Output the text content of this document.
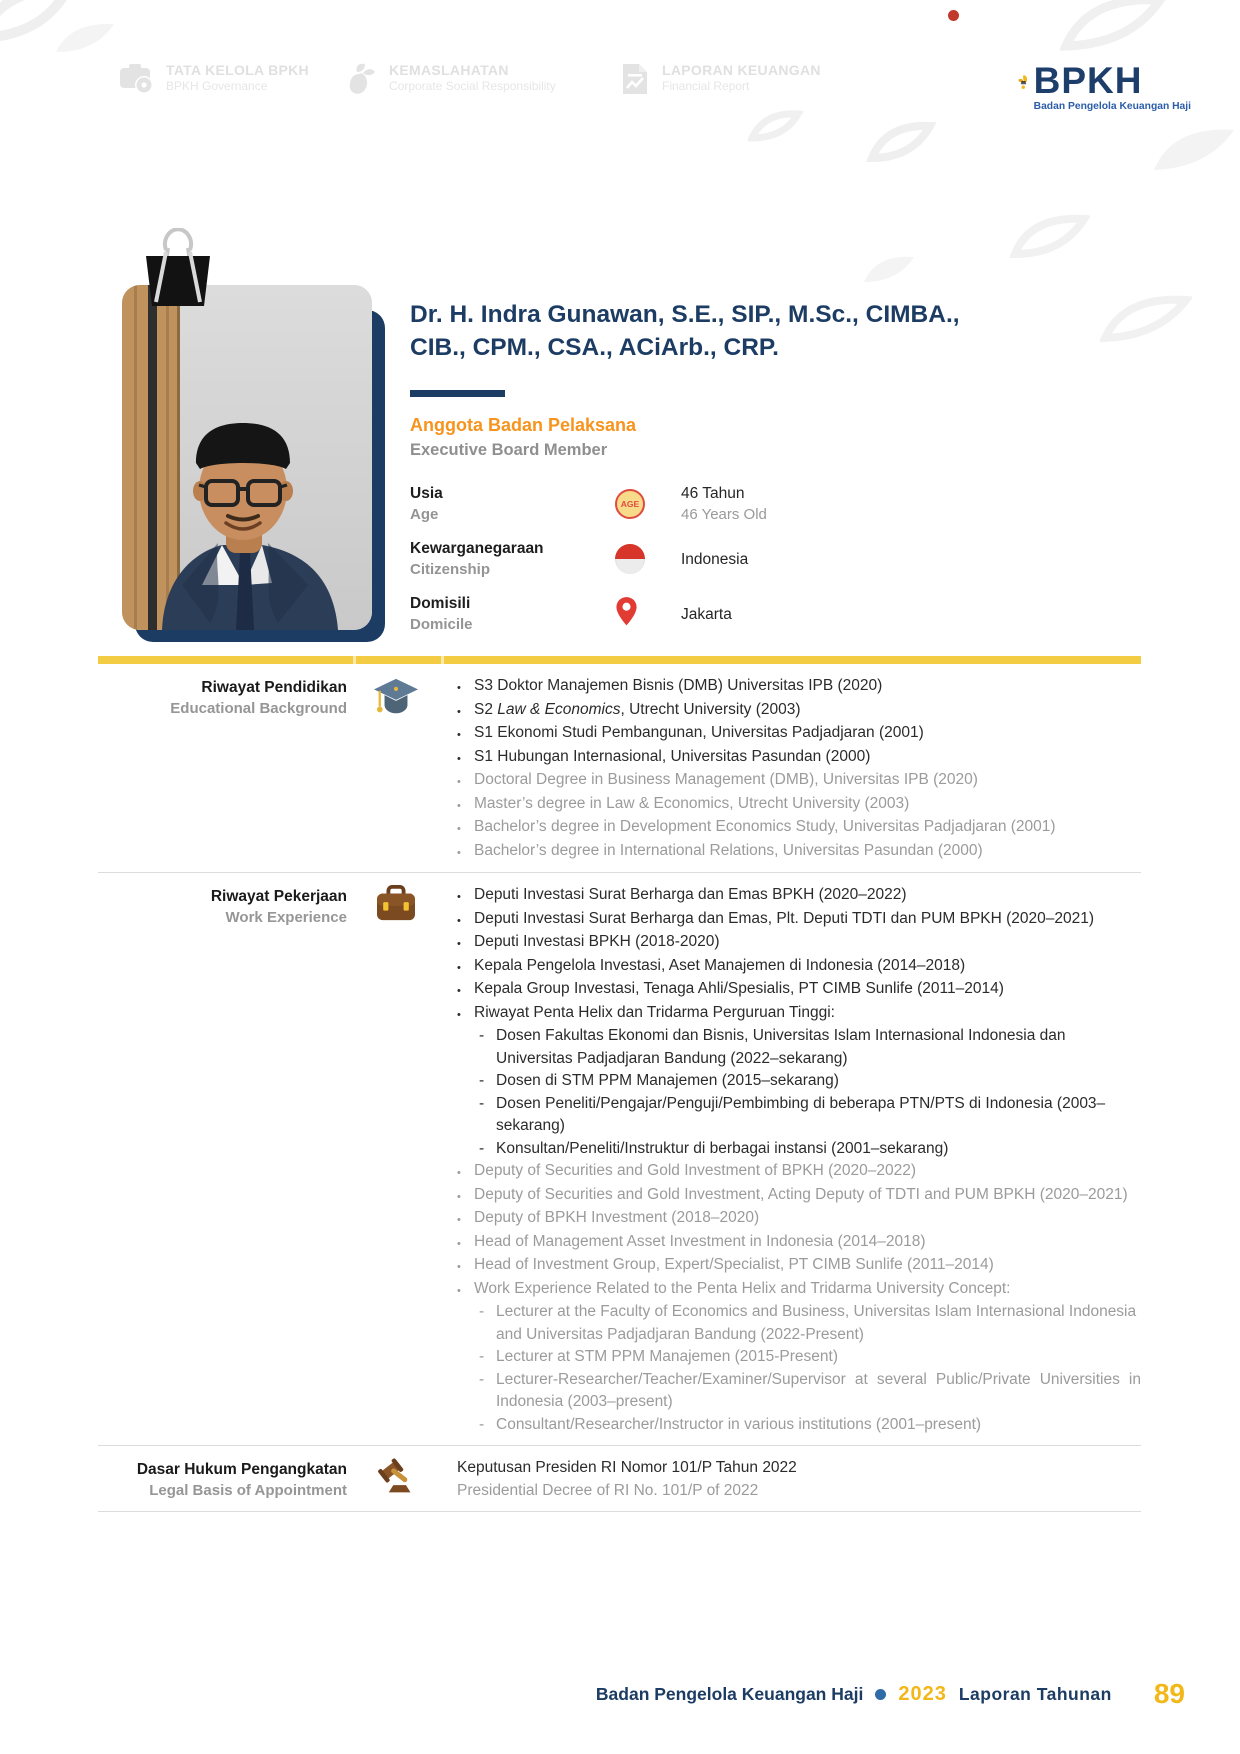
TATA KELOLA BPKH
BPKH Governance
KEMASLAHATAN
Corporate Social Responsibility
LAPORAN KEUANGAN
Financial Report	BPKH
Badan Pengelola Keuangan Haji
Dr. H. Indra Gunawan, S.E., SIP., M.Sc., CIMBA.,
CIB., CPM., CSA., ACiArb., CRP.
Anggota Badan Pelaksana
Executive Board Member
Usia
Age
AGE
46 Tahun
46 Years Old
Kewarganegaraan
Citizenship
Indonesia
Domisili
Domicile
Jakarta
Riwayat Pendidikan
Educational Background
• S3 Doktor Manajemen Bisnis (DMB) Universitas IPB (2020)
• S2 Law & Economics, Utrecht University (2003)
• S1 Ekonomi Studi Pembangunan, Universitas Padjadjaran (2001)
• S1 Hubungan Internasional, Universitas Pasundan (2000)
• Doctoral Degree in Business Management (DMB), Universitas IPB (2020)
• Master’s degree in Law & Economics, Utrecht University (2003)
• Bachelor’s degree in Development Economics Study, Universitas Padjadjaran (2001)
• Bachelor’s degree in International Relations, Universitas Pasundan (2000)
Riwayat Pekerjaan
Work Experience
• Deputi Investasi Surat Berharga dan Emas BPKH (2020–2022)
• Deputi Investasi Surat Berharga dan Emas, Plt. Deputi TDTI dan PUM BPKH (2020–2021)
• Deputi Investasi BPKH (2018-2020)
• Kepala Pengelola Investasi, Aset Manajemen di Indonesia (2014–2018)
• Kepala Group Investasi, Tenaga Ahli/Spesialis, PT CIMB Sunlife (2011–2014)
• Riwayat Penta Helix dan Tridarma Perguruan Tinggi:
- Dosen Fakultas Ekonomi dan Bisnis, Universitas Islam Internasional Indonesia dan Universitas Padjadjaran Bandung (2022–sekarang)
- Dosen di STM PPM Manajemen (2015–sekarang)
- Dosen Peneliti/Pengajar/Penguji/Pembimbing di beberapa PTN/PTS di Indonesia (2003–sekarang)
- Konsultan/Peneliti/Instruktur di berbagai instansi (2001–sekarang)
• Deputy of Securities and Gold Investment of BPKH (2020–2022)
• Deputy of Securities and Gold Investment, Acting Deputy of TDTI and PUM BPKH (2020–2021)
• Deputy of BPKH Investment (2018–2020)
• Head of Management Asset Investment in Indonesia (2014–2018)
• Head of Investment Group, Expert/Specialist, PT CIMB Sunlife (2011–2014)
• Work Experience Related to the Penta Helix and Tridarma University Concept:
- Lecturer at the Faculty of Economics and Business, Universitas Islam Internasional Indonesia and Universitas Padjadjaran Bandung (2022-Present)
- Lecturer at STM PPM Manajemen (2015-Present)
- Lecturer-Researcher/Teacher/Examiner/Supervisor at several Public/Private Universities in Indonesia (2003–present)
- Consultant/Researcher/Instructor in various institutions (2001–present)
Dasar Hukum Pengangkatan
Legal Basis of Appointment
Keputusan Presiden RI Nomor 101/P Tahun 2022
Presidential Decree of RI No. 101/P of 2022
Badan Pengelola Keuangan Haji 2023 Laporan Tahunan 89
